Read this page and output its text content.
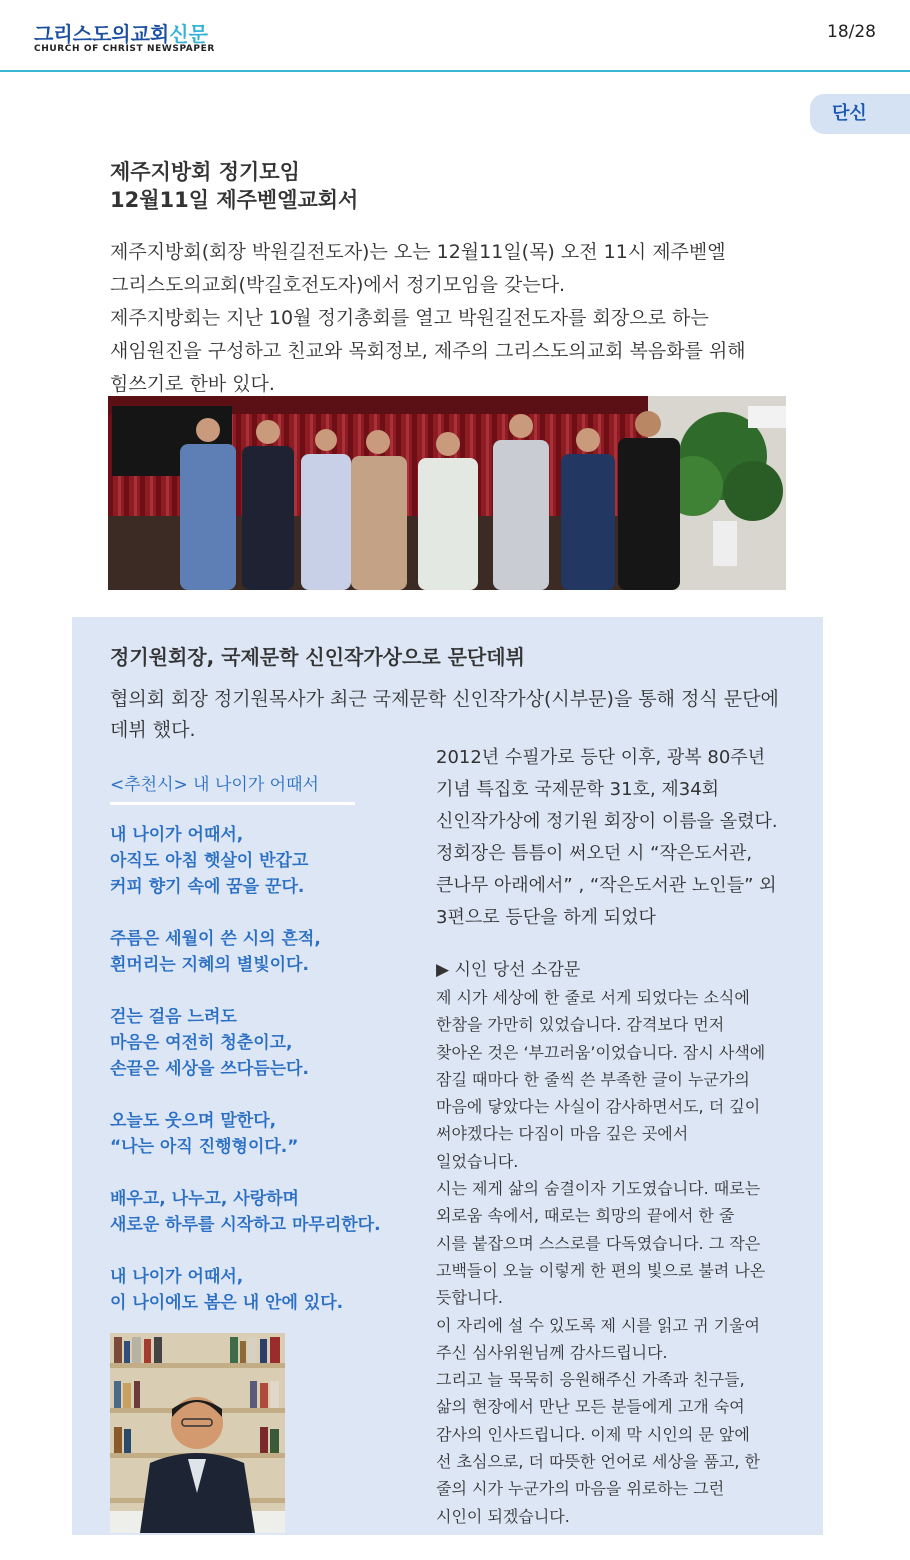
그리스도의교회신문
CHURCH OF CHRIST NEWSPAPER
18/28
단신
제주지방회 정기모임
12월11일 제주벧엘교회서

제주지방회(회장 박원길전도자)는 오는 12월11일(목) 오전 11시 제주벧엘

그리스도의교회(박길호전도자)에서 정기모임을 갖는다.

제주지방회는 지난 10월 정기총회를 열고 박원길전도자를 회장으로 하는

새임원진을 구성하고 친교와 목회정보, 제주의 그리스도의교회 복음화를 위해

힘쓰기로 한바 있다.

정기원회장, 국제문학 신인작가상으로 문단데뷔
협의회 회장 정기원목사가 최근 국제문학 신인작가상(시부문)을 통해 정식 문단에
데뷔 했다.
<추천시> 내 나이가 어때서
내 나이가 어때서,
아직도 아침 햇살이 반갑고
커피 향기 속에 꿈을 꾼다.
주름은 세월이 쓴 시의 흔적,
흰머리는 지혜의 별빛이다.
걷는 걸음 느려도
마음은 여전히 청춘이고,
손끝은 세상을 쓰다듬는다.
오늘도 웃으며 말한다,
“나는 아직 진행형이다.”
배우고, 나누고, 사랑하며
새로운 하루를 시작하고 마무리한다.
내 나이가 어때서,
이 나이에도 봄은 내 안에 있다.
2012년 수필가로 등단 이후, 광복 80주년
기념 특집호 국제문학 31호, 제34회
신인작가상에 정기원 회장이 이름을 올렸다.
정회장은 틈틈이 써오던 시 “작은도서관,
큰나무 아래에서” , “작은도서관 노인들” 외
3편으로 등단을 하게 되었다
▶ 시인 당선 소감문
제 시가 세상에 한 줄로 서게 되었다는 소식에
한참을 가만히 있었습니다. 감격보다 먼저
찾아온 것은 ‘부끄러움’이었습니다. 잠시 사색에
잠길 때마다 한 줄씩 쓴 부족한 글이 누군가의
마음에 닿았다는 사실이 감사하면서도, 더 깊이
써야겠다는 다짐이 마음 깊은 곳에서
일었습니다.
시는 제게 삶의 숨결이자 기도였습니다. 때로는
외로움 속에서, 때로는 희망의 끝에서 한 줄
시를 붙잡으며 스스로를 다독였습니다. 그 작은
고백들이 오늘 이렇게 한 편의 빛으로 불려 나온
듯합니다.
이 자리에 설 수 있도록 제 시를 읽고 귀 기울여
주신 심사위원님께 감사드립니다.
그리고 늘 묵묵히 응원해주신 가족과 친구들,
삶의 현장에서 만난 모든 분들에게 고개 숙여
감사의 인사드립니다. 이제 막 시인의 문 앞에
선 초심으로, 더 따뜻한 언어로 세상을 품고, 한
줄의 시가 누군가의 마음을 위로하는 그런
시인이 되겠습니다.
